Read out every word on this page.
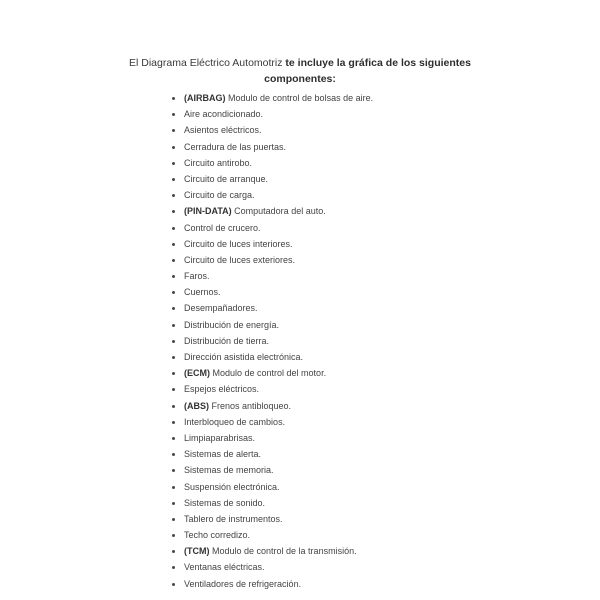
El Diagrama Eléctrico Automotriz te incluye la gráfica de los siguientes componentes:

(AIRBAG) Modulo de control de bolsas de aire.
Aire acondicionado.
Asientos eléctricos.
Cerradura de las puertas.
Circuito antirobo.
Circuito de arranque.
Circuito de carga.
(PIN-DATA) Computadora del auto.
Control de crucero.
Circuito de luces interiores.
Circuito de luces exteriores.
Faros.
Cuernos.
Desempañadores.
Distribución de energía.
Distribución de tierra.
Dirección asistida electrónica.
(ECM) Modulo de control del motor.
Espejos eléctricos.
(ABS) Frenos antibloqueo.
Interbloqueo de cambios.
Limpiaparabrisas.
Sistemas de alerta.
Sistemas de memoria.
Suspensión electrónica.
Sistemas de sonido.
Tablero de instrumentos.
Techo corredizo.
(TCM) Modulo de control de la transmisión.
Ventanas eléctricas.
Ventiladores de refrigeración.
